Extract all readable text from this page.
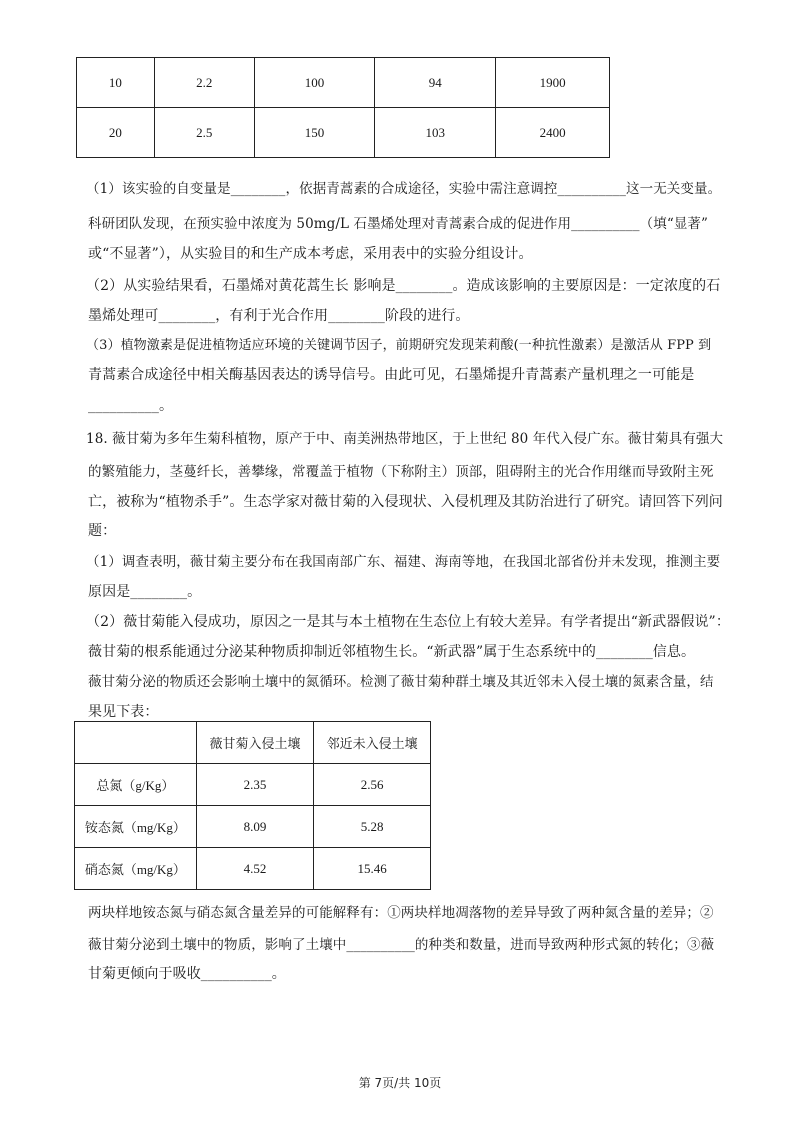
10	2.2	100	94	1900
20	2.5	150	103	2400
（1）该实验的自变量是________，依据青蒿素的合成途径，实验中需注意调控__________这一无关变量。
科研团队发现，在预实验中浓度为 50mg/L 石墨烯处理对青蒿素合成的促进作用__________（填“显著”
或“不显著”），从实验目的和生产成本考虑，采用表中的实验分组设计。
（2）从实验结果看，石墨烯对黄花蒿生长 影响是________。造成该影响的主要原因是：一定浓度的石
墨烯处理可________，有利于光合作用________阶段的进行。
（3）植物激素是促进植物适应环境的关键调节因子，前期研究发现茉莉酸(一种抗性激素）是激活从 FPP 到
青蒿素合成途径中相关酶基因表达的诱导信号。由此可见，石墨烯提升青蒿素产量机理之一可能是
__________。
18. 薇甘菊为多年生菊科植物，原产于中、南美洲热带地区，于上世纪 80 年代入侵广东。薇甘菊具有强大
的繁殖能力，茎蔓纤长，善攀缘，常覆盖于植物（下称附主）顶部，阻碍附主的光合作用继而导致附主死
亡，被称为“植物杀手”。生态学家对薇甘菊的入侵现状、入侵机理及其防治进行了研究。请回答下列问
题：
（1）调查表明，薇甘菊主要分布在我国南部广东、福建、海南等地，在我国北部省份并未发现，推测主要
原因是________。
（2）薇甘菊能入侵成功，原因之一是其与本土植物在生态位上有较大差异。有学者提出“新武器假说”：
薇甘菊的根系能通过分泌某种物质抑制近邻植物生长。“新武器”属于生态系统中的________信息。
薇甘菊分泌的物质还会影响土壤中的氮循环。检测了薇甘菊种群土壤及其近邻未入侵土壤的氮素含量，结
果见下表：
	薇甘菊入侵土壤	邻近未入侵土壤
总氮（g/Kg）	2.35	2.56
铵态氮（mg/Kg）	8.09	5.28
硝态氮（mg/Kg）	4.52	15.46
两块样地铵态氮与硝态氮含量差异的可能解释有：①两块样地凋落物的差异导致了两种氮含量的差异；②
薇甘菊分泌到土壤中的物质，影响了土壤中__________的种类和数量，进而导致两种形式氮的转化；③薇
甘菊更倾向于吸收__________。
第 7页/共 10页
